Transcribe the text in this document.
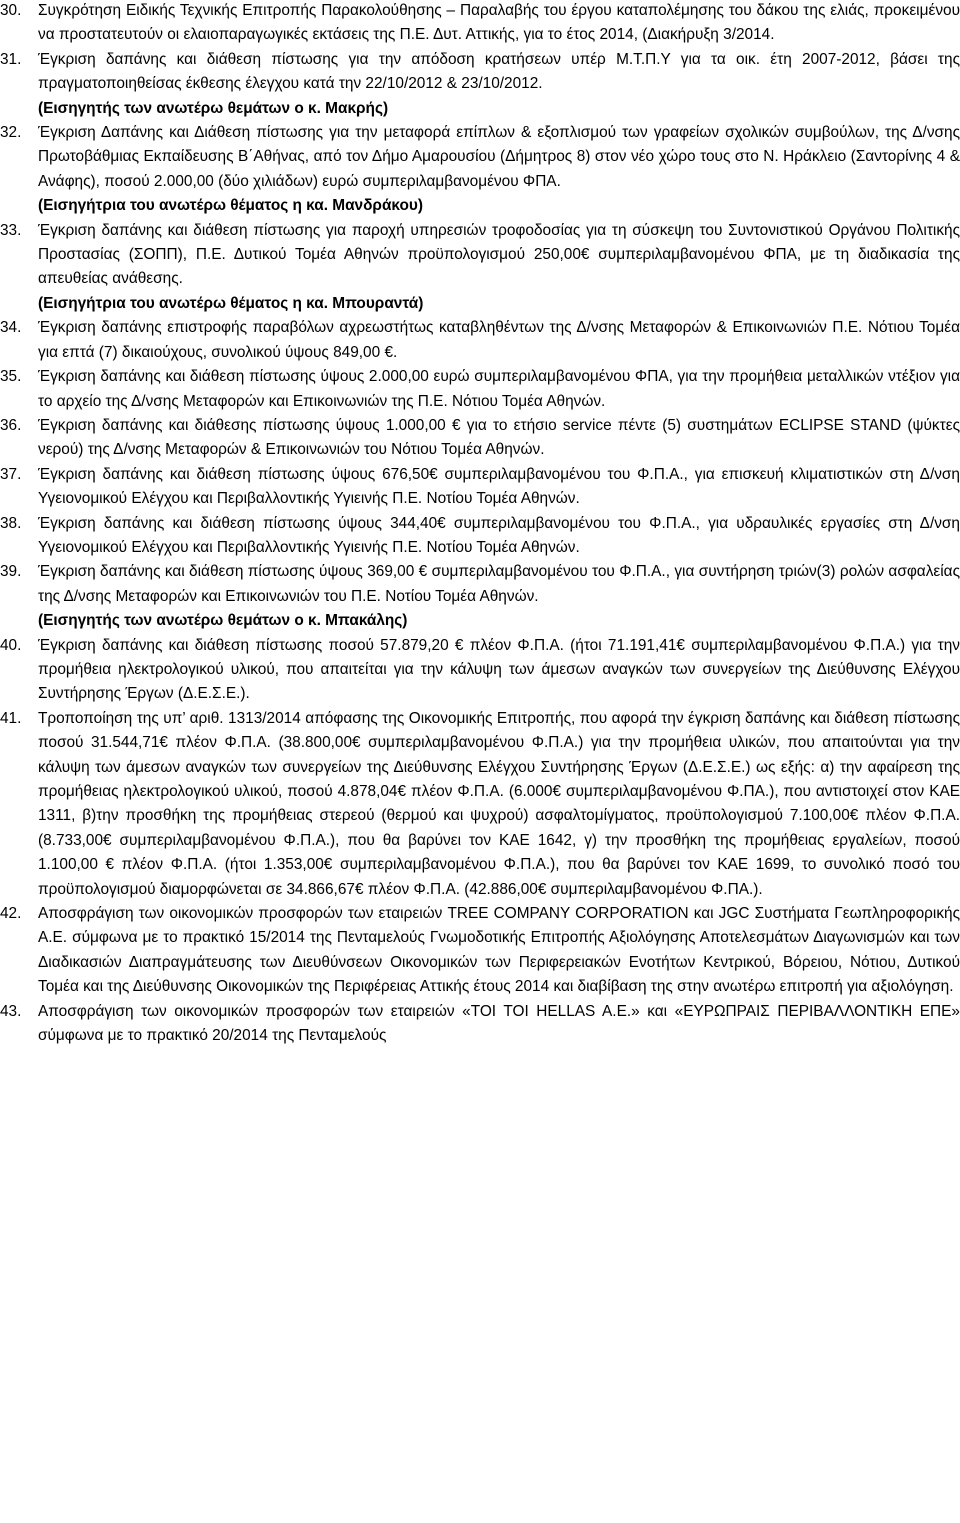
30. Συγκρότηση Ειδικής Τεχνικής Επιτροπής Παρακολούθησης – Παραλαβής του έργου καταπολέμησης του δάκου της ελιάς, προκειμένου να προστατευτούν οι ελαιοπαραγωγικές εκτάσεις της Π.Ε. Δυτ. Αττικής, για το έτος 2014, (Διακήρυξη 3/2014.
31. Έγκριση δαπάνης και διάθεση πίστωσης για την απόδοση κρατήσεων υπέρ Μ.Τ.Π.Υ για τα οικ. έτη 2007-2012, βάσει της πραγματοποιηθείσας έκθεσης έλεγχου κατά την 22/10/2012 & 23/10/2012.
(Εισηγητής των ανωτέρω θεμάτων ο κ. Μακρής)
32. Έγκριση Δαπάνης και Διάθεση πίστωσης για την μεταφορά επίπλων & εξοπλισμού των γραφείων σχολικών συμβούλων, της Δ/νσης Πρωτοβάθμιας Εκπαίδευσης Β΄Αθήνας, από τον Δήμο Αμαρουσίου (Δήμητρος 8) στον νέο χώρο τους στο Ν. Ηράκλειο (Σαντορίνης 4 & Ανάφης), ποσού 2.000,00 (δύο χιλιάδων) ευρώ συμπεριλαμβανομένου ΦΠΑ.
(Εισηγήτρια του ανωτέρω θέματος η κα. Μανδράκου)
33. Έγκριση δαπάνης και διάθεση πίστωσης για παροχή υπηρεσιών τροφοδοσίας για τη σύσκεψη του Συντονιστικού Οργάνου Πολιτικής Προστασίας (ΣΟΠΠ), Π.Ε. Δυτικού Τομέα Αθηνών προϋπολογισμού 250,00€ συμπεριλαμβανομένου ΦΠΑ, με τη διαδικασία της απευθείας ανάθεσης.
(Εισηγήτρια του ανωτέρω θέματος η κα. Μπουραντά)
34. Έγκριση δαπάνης επιστροφής παραβόλων αχρεωστήτως καταβληθέντων της Δ/νσης Μεταφορών & Επικοινωνιών Π.Ε. Νότιου Τομέα για επτά (7) δικαιούχους, συνολικού ύψους 849,00 €.
35. Έγκριση δαπάνης και διάθεση πίστωσης ύψους 2.000,00 ευρώ συμπεριλαμβανομένου ΦΠΑ, για την προμήθεια μεταλλικών ντέξιον για το αρχείο της Δ/νσης Μεταφορών και Επικοινωνιών της Π.Ε. Νότιου Τομέα Αθηνών.
36. Έγκριση δαπάνης και διάθεσης πίστωσης ύψους 1.000,00 € για το ετήσιο service πέντε (5) συστημάτων ECLIPSE STAND (ψύκτες νερού) της Δ/νσης Μεταφορών & Επικοινωνιών του Νότιου Τομέα Αθηνών.
37. Έγκριση δαπάνης και διάθεση πίστωσης ύψους 676,50€ συμπεριλαμβανομένου του Φ.Π.Α., για επισκευή κλιματιστικών στη Δ/νση Υγειονομικού Ελέγχου και Περιβαλλοντικής Υγιεινής Π.Ε. Νοτίου Τομέα Αθηνών.
38. Έγκριση δαπάνης και διάθεση πίστωσης ύψους 344,40€ συμπεριλαμβανομένου του Φ.Π.Α., για υδραυλικές εργασίες στη Δ/νση Υγειονομικού Ελέγχου και Περιβαλλοντικής Υγιεινής Π.Ε. Νοτίου Τομέα Αθηνών.
39. Έγκριση δαπάνης και διάθεση πίστωσης ύψους 369,00 € συμπεριλαμβανομένου του Φ.Π.Α., για συντήρηση τριών(3) ρολών ασφαλείας της Δ/νσης Μεταφορών και Επικοινωνιών του Π.Ε. Νοτίου Τομέα Αθηνών.
(Εισηγητής των ανωτέρω θεμάτων ο κ. Μπακάλης)
40. Έγκριση δαπάνης και διάθεση πίστωσης ποσού 57.879,20 € πλέον Φ.Π.Α. (ήτοι 71.191,41€ συμπεριλαμβανομένου Φ.Π.Α.) για την προμήθεια ηλεκτρολογικού υλικού, που απαιτείται για την κάλυψη των άμεσων αναγκών των συνεργείων της Διεύθυνσης Ελέγχου Συντήρησης Έργων (Δ.Ε.Σ.Ε.).
41. Τροποποίηση της υπ’ αριθ. 1313/2014 απόφασης της Οικονομικής Επιτροπής, που αφορά την έγκριση δαπάνης και διάθεση πίστωσης ποσού 31.544,71€ πλέον Φ.Π.Α. (38.800,00€ συμπεριλαμβανομένου Φ.Π.Α.) για την προμήθεια υλικών, που απαιτούνται για την κάλυψη των άμεσων αναγκών των συνεργείων της Διεύθυνσης Ελέγχου Συντήρησης Έργων (Δ.Ε.Σ.Ε.) ως εξής: α) την αφαίρεση της προμήθειας ηλεκτρολογικού υλικού, ποσού 4.878,04€ πλέον Φ.Π.Α. (6.000€ συμπεριλαμβανομένου Φ.ΠΑ.), που αντιστοιχεί στον ΚΑΕ 1311, β)την προσθήκη της προμήθειας στερεού (θερμού και ψυχρού) ασφαλτομίγματος, προϋπολογισμού 7.100,00€ πλέον Φ.Π.Α. (8.733,00€ συμπεριλαμβανομένου Φ.Π.Α.), που θα βαρύνει τον ΚΑΕ 1642, γ) την προσθήκη της προμήθειας εργαλείων, ποσού 1.100,00 € πλέον Φ.Π.Α. (ήτοι 1.353,00€ συμπεριλαμβανομένου Φ.Π.Α.), που θα βαρύνει τον ΚΑΕ 1699, το συνολικό ποσό του προϋπολογισμού διαμορφώνεται σε 34.866,67€ πλέον Φ.Π.Α. (42.886,00€ συμπεριλαμβανομένου Φ.ΠΑ.).
42. Αποσφράγιση των οικονομικών προσφορών των εταιρειών TREE COMPANY CORPORATION και JGC Συστήματα Γεωπληροφορικής Α.Ε. σύμφωνα με το πρακτικό 15/2014 της Πενταμελούς Γνωμοδοτικής Επιτροπής Αξιολόγησης Αποτελεσμάτων Διαγωνισμών και των Διαδικασιών Διαπραγμάτευσης των Διευθύνσεων Οικονομικών των Περιφερειακών Ενοτήτων Κεντρικού, Βόρειου, Νότιου, Δυτικού Τομέα και της Διεύθυνσης Οικονομικών της Περιφέρειας Αττικής έτους 2014 και διαβίβαση της στην ανωτέρω επιτροπή για αξιολόγηση.
43. Αποσφράγιση των οικονομικών προσφορών των εταιρειών «TOI TOI HELLAS A.E.» και «ΕΥΡΩΠΡΑΙΣ ΠΕΡΙΒΑΛΛΟΝΤΙΚΗ ΕΠΕ» σύμφωνα με το πρακτικό 20/2014 της Πενταμελούς
